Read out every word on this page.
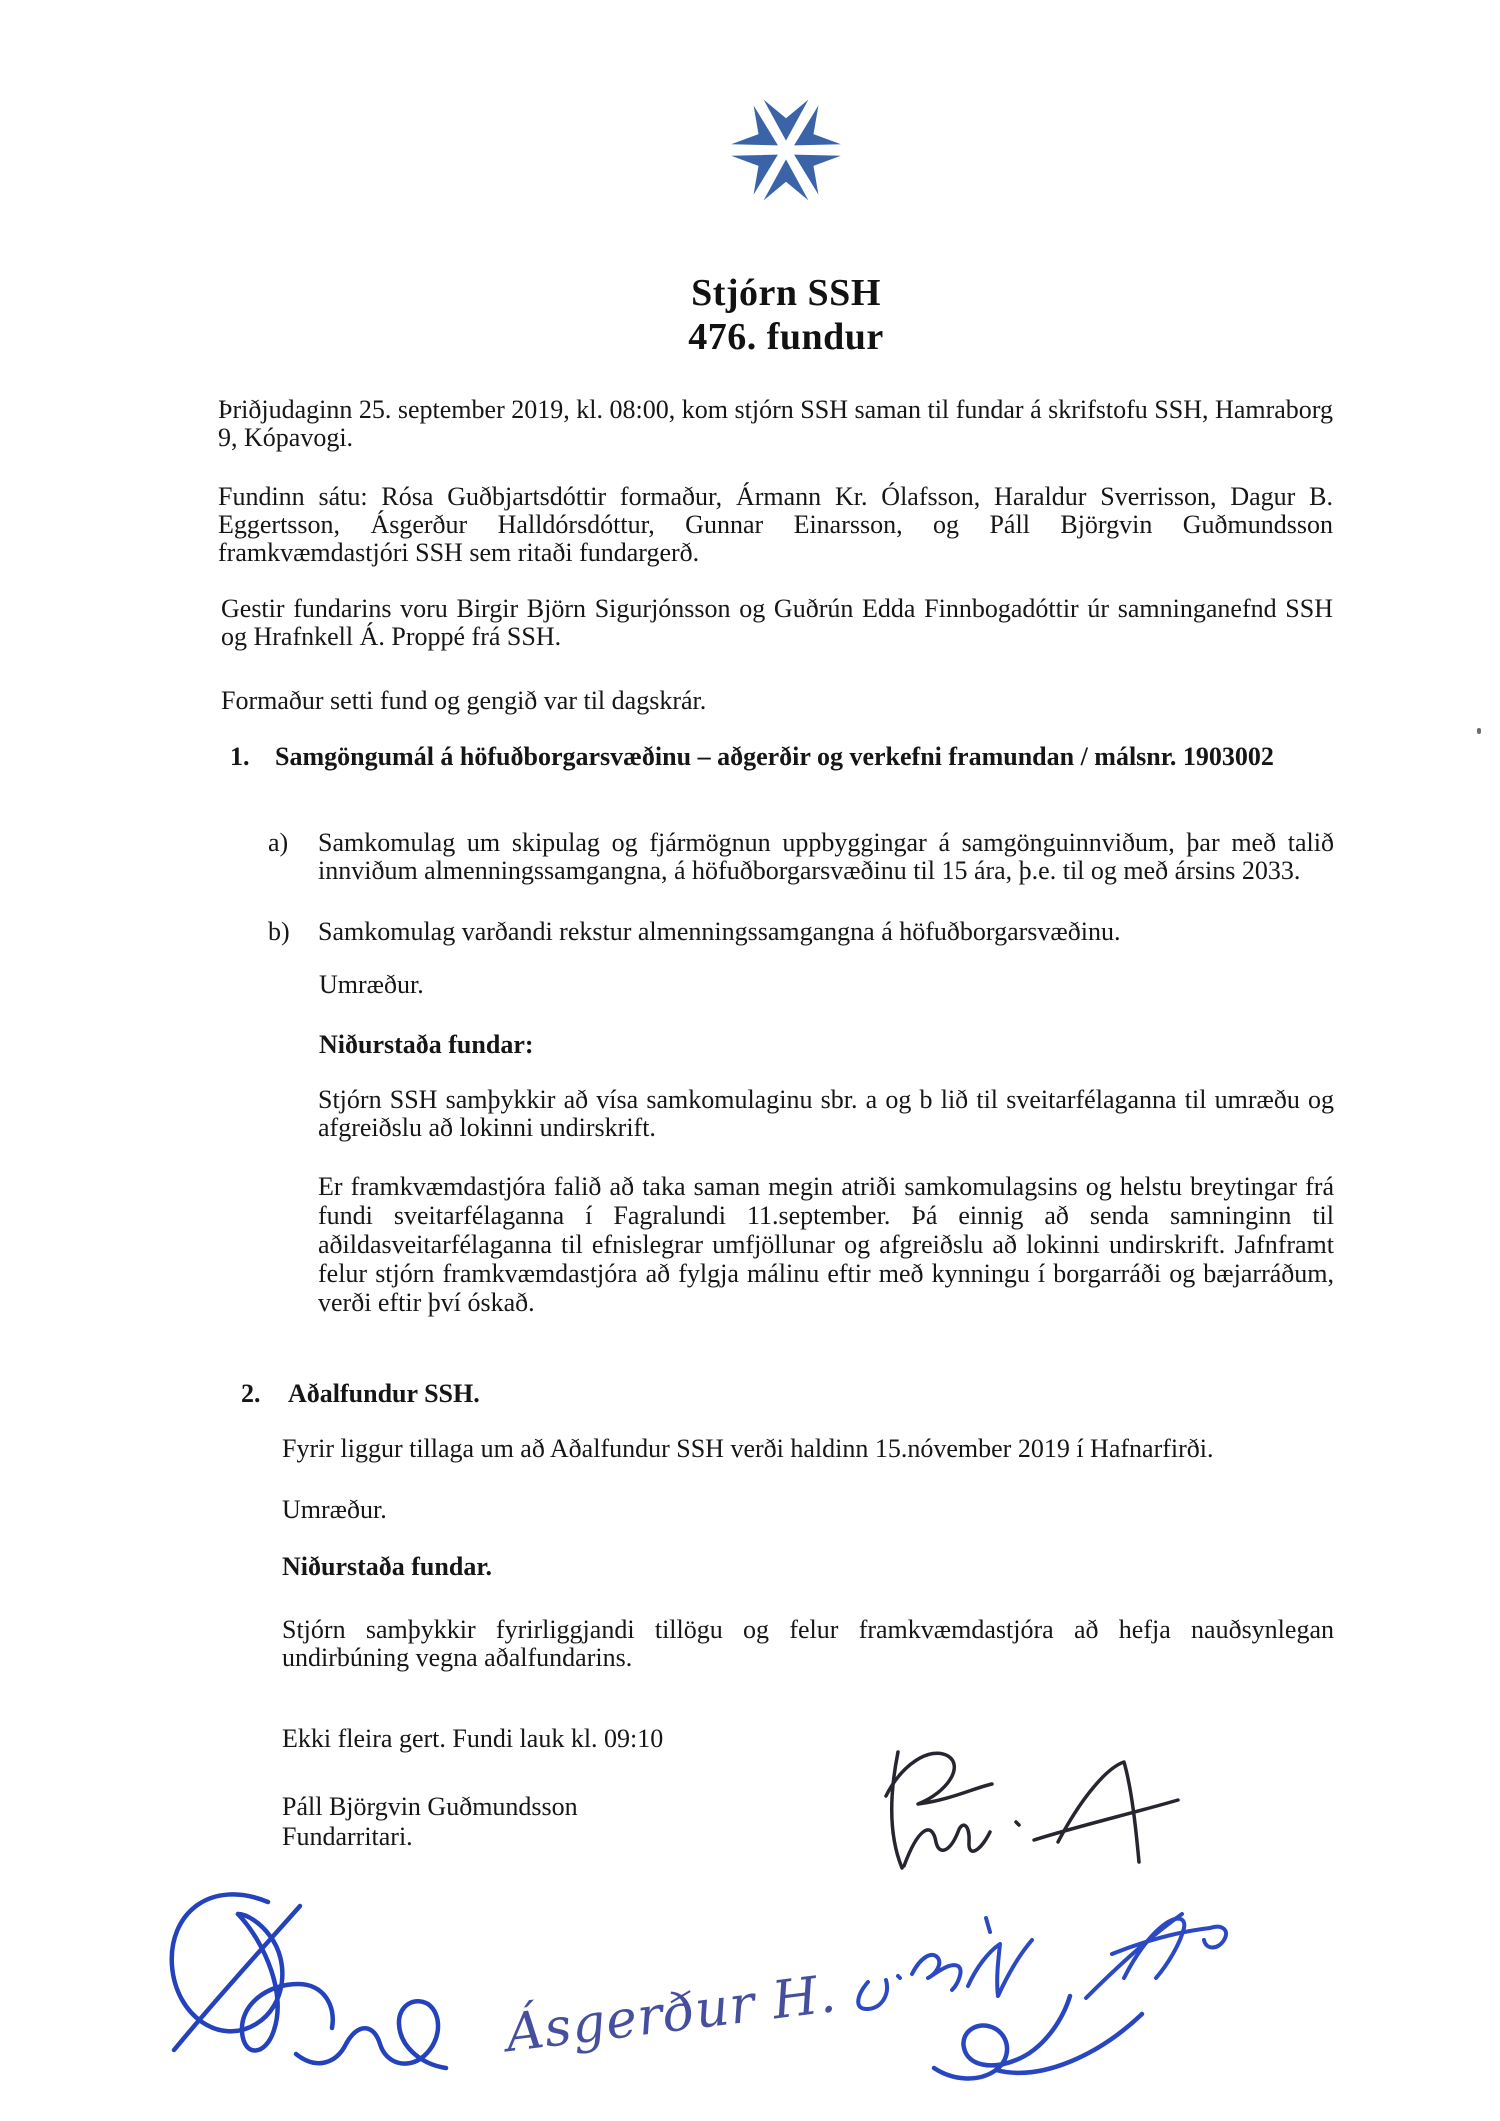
Stjórn SSH
476. fundur
Þriðjudaginn 25. september 2019, kl. 08:00, kom stjórn SSH saman til fundar á skrifstofu SSH, Hamraborg 9, Kópavogi.
Fundinn sátu: Rósa Guðbjartsdóttir formaður, Ármann Kr. Ólafsson, Haraldur Sverrisson, Dagur B. Eggertsson, Ásgerður Halldórsdóttur, Gunnar Einarsson, og Páll Björgvin Guðmundsson framkvæmdastjóri SSH sem ritaði fundargerð.
Gestir fundarins voru Birgir Björn Sigurjónsson og Guðrún Edda Finnbogadóttir úr samninganefnd SSH og Hrafnkell Á. Proppé frá SSH.
Formaður setti fund og gengið var til dagskrár.
1. Samgöngumál á höfuðborgarsvæðinu – aðgerðir og verkefni framundan / málsnr. 1903002
a) Samkomulag um skipulag og fjármögnun uppbyggingar á samgönguinnviðum, þar með talið innviðum almenningssamgangna, á höfuðborgarsvæðinu til 15 ára, þ.e. til og með ársins 2033.
b) Samkomulag varðandi rekstur almenningssamgangna á höfuðborgarsvæðinu.
Umræður.
Niðurstaða fundar:
Stjórn SSH samþykkir að vísa samkomulaginu sbr. a og b lið til sveitarfélaganna til umræðu og afgreiðslu að lokinni undirskrift.
Er framkvæmdastjóra falið að taka saman megin atriði samkomulagsins og helstu breytingar frá fundi sveitarfélaganna í Fagralundi 11.september. Þá einnig að senda samninginn til aðildasveitarfélaganna til efnislegrar umfjöllunar og afgreiðslu að lokinni undirskrift. Jafnframt felur stjórn framkvæmdastjóra að fylgja málinu eftir með kynningu í borgarráði og bæjarráðum, verði eftir því óskað.
2. Aðalfundur SSH.
Fyrir liggur tillaga um að Aðalfundur SSH verði haldinn 15.nóvember 2019 í Hafnarfirði.
Umræður.
Niðurstaða fundar.
Stjórn samþykkir fyrirliggjandi tillögu og felur framkvæmdastjóra að hefja nauðsynlegan undirbúning vegna aðalfundarins.
Ekki fleira gert. Fundi lauk kl. 09:10
Páll Björgvin Guðmundsson
Fundarritari.
Ásgerður H.
